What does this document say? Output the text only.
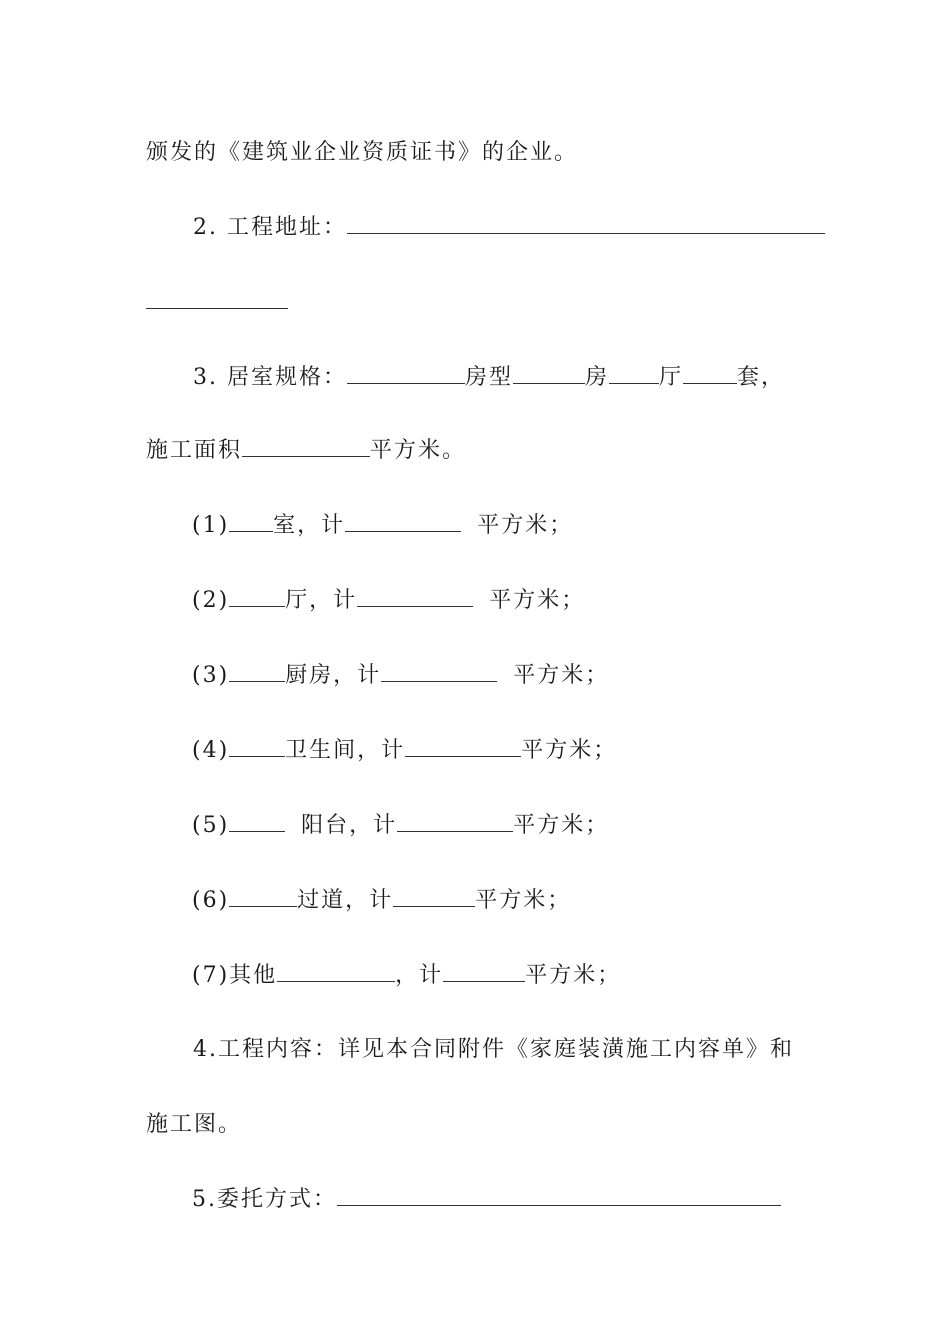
颁发的《建筑业企业资质证书》的企业。
2. 工程地址：
3. 居室规格：	房型	房 厅 套，
施工面积	平方米。
(1) 室，计	平方米；
(2)	厅，计	平方米；
(3)	厨房，计	平方米；
(4)	卫生间，计	平方米；
(5)	阳台，计	平方米；
(6)	过道，计	平方米；
(7)其他	，计	平方米；
4.工程内容：详见本合同附件《家庭装潢施工内容单》和
施工图。
5.委托方式：
